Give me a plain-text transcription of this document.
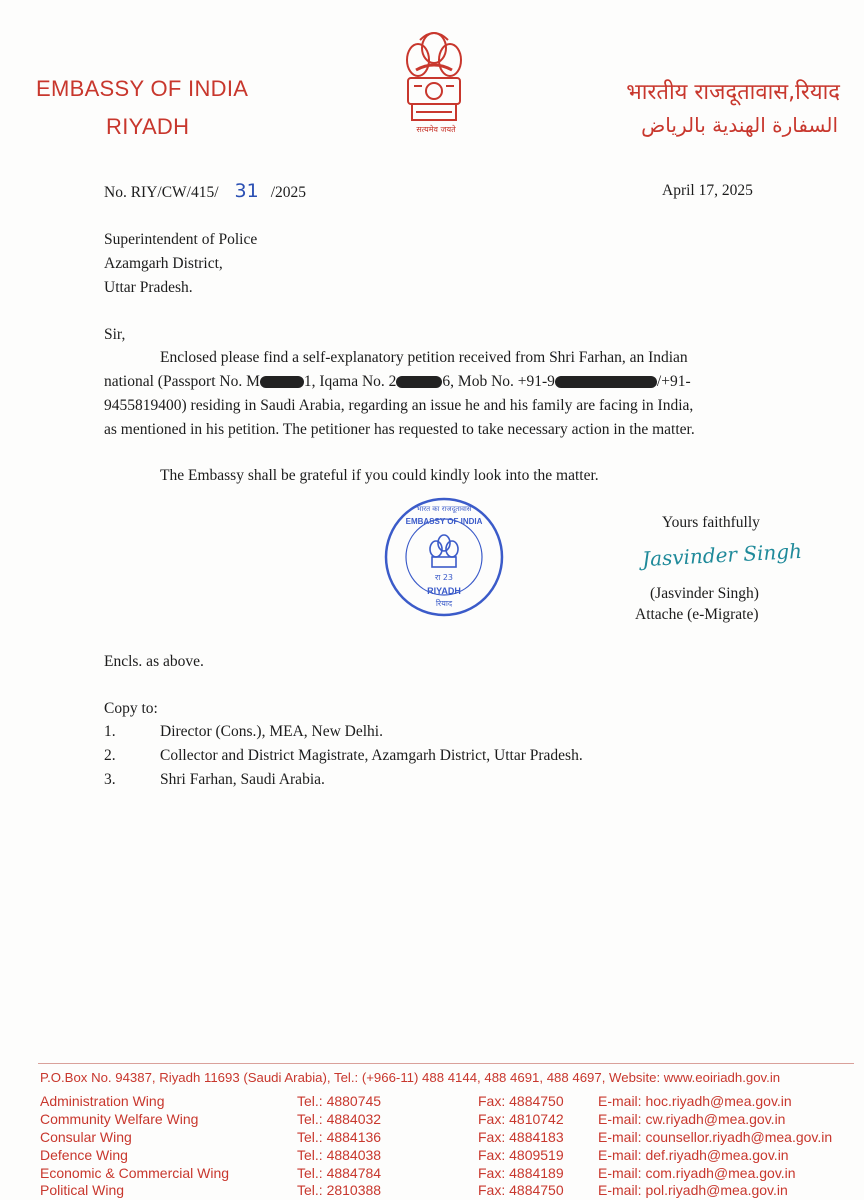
EMBASSY OF INDIA
RIYADH	सत्यमेव जयते
भारतीय राजदूतावास,रियाद
السفارة الهندية بالرياض
No. RIY/CW/415/ 31 /2025	April 17, 2025
Superintendent of Police
Azamgarh District,
Uttar Pradesh.
Sir,
Enclosed please find a self-explanatory petition received from Shri Farhan, an Indian
national (Passport No. M	1, Iqama No. 2	6, Mob No. +91-9	/+91-
9455819400) residing in Saudi Arabia, regarding an issue he and his family are facing in India,
as mentioned in his petition. The petitioner has requested to take necessary action in the matter.
The Embassy shall be grateful if you could kindly look into the matter.
Yours faithfully
Jasvinder Singh
(Jasvinder Singh)
Attache (e-Migrate)
भारत का राजदूतावास
EMBASSY OF INDIA
रा 23
RIYADH
रियाद
Encls. as above.
Copy to:
1.	Director (Cons.), MEA, New Delhi.
2.	Collector and District Magistrate, Azamgarh District, Uttar Pradesh.
3.	Shri Farhan, Saudi Arabia.
P.O.Box No. 94387, Riyadh 11693 (Saudi Arabia), Tel.: (+966-11) 488 4144, 488 4691, 488 4697, Website: www.eoiriadh.gov.in
Administration Wing	Tel.: 4880745	Fax: 4884750 E-mail: hoc.riyadh@mea.gov.in
Community Welfare Wing	Tel.: 4884032	Fax: 4810742 E-mail: cw.riyadh@mea.gov.in
Consular Wing	Tel.: 4884136	Fax: 4884183 E-mail: counsellor.riyadh@mea.gov.in
Defence Wing	Tel.: 4884038	Fax: 4809519 E-mail: def.riyadh@mea.gov.in
Economic & Commercial Wing	Tel.: 4884784	Fax: 4884189 E-mail: com.riyadh@mea.gov.in
Political Wing	Tel.: 2810388	Fax: 4884750 E-mail: pol.riyadh@mea.gov.in
